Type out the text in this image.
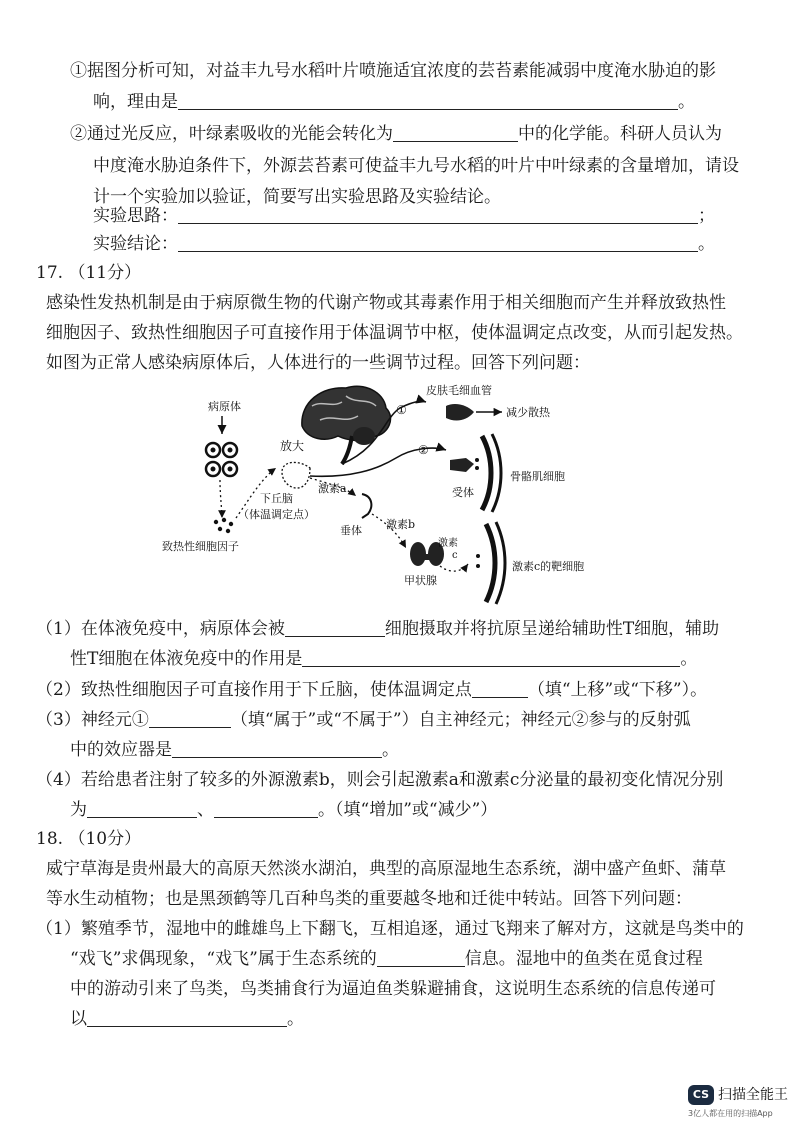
①据图分析可知，对益丰九号水稻叶片喷施适宜浓度的芸苔素能减弱中度淹水胁迫的影
响，理由是	。
②通过光反应，叶绿素吸收的光能会转化为	中的化学能。科研人员认为
中度淹水胁迫条件下，外源芸苔素可使益丰九号水稻的叶片中叶绿素的含量增加，请设
计一个实验加以验证，简要写出实验思路及实验结论。
实验思路：	；
实验结论：	。
17. （11分）
感染性发热机制是由于病原微生物的代谢产物或其毒素作用于相关细胞而产生并释放致热性
细胞因子、致热性细胞因子可直接作用于体温调节中枢，使体温调定点改变，从而引起发热。
如图为正常人感染病原体后，人体进行的一些调节过程。回答下列问题：
病原体
致热性细胞因子
放大
下丘脑
（体温调定点）
①
②
皮肤毛细血管
减少散热
骨骼肌细胞
受体
激素a
垂体 激素b
甲状腺
激素
c
激素c的靶细胞
（1）在体液免疫中，病原体会被	细胞摄取并将抗原呈递给辅助性T细胞，辅助
性T细胞在体液免疫中的作用是	。
（2）致热性细胞因子可直接作用于下丘脑，使体温调定点	（填“上移”或“下移”）。
（3）神经元①	（填“属于”或“不属于”）自主神经元；神经元②参与的反射弧
中的效应器是	。
（4）若给患者注射了较多的外源激素b，则会引起激素a和激素c分泌量的最初变化情况分别
为	、	。（填“增加”或“减少”）
18. （10分）
威宁草海是贵州最大的高原天然淡水湖泊，典型的高原湿地生态系统，湖中盛产鱼虾、蒲草
等水生动植物；也是黑颈鹤等几百种鸟类的重要越冬地和迁徙中转站。回答下列问题：
（1）繁殖季节，湿地中的雌雄鸟上下翻飞，互相追逐，通过飞翔来了解对方，这就是鸟类中的
“戏飞”求偶现象，“戏飞”属于生态系统的	信息。湿地中的鱼类在觅食过程
中的游动引来了鸟类，鸟类捕食行为逼迫鱼类躲避捕食，这说明生态系统的信息传递可
以	。
CS 扫描全能王
3亿人都在用的扫描App
